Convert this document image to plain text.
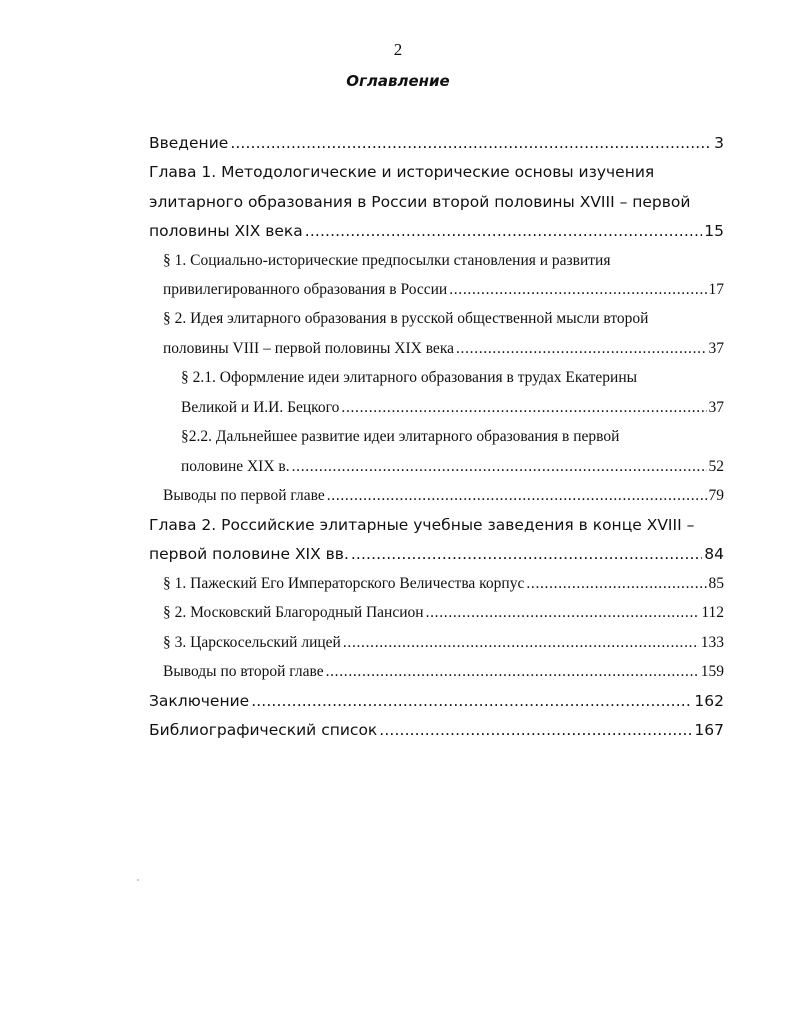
2
Оглавление
Введение . . .	3
Глава 1. Методологические и исторические основы изучения
элитарного образования в России второй половины XVIII – первой
половины XIX века . . .	15
§ 1. Социально-исторические предпосылки становления и развития
привилегированного образования в России . . .	17
§ 2. Идея элитарного образования в русской общественной мысли второй
половины VIII – первой половины XIX века . . .	37
§ 2.1. Оформление идеи элитарного образования в трудах Екатерины
Великой и И.И. Бецкого . . .	37
§2.2. Дальнейшее развитие идеи элитарного образования в первой
половине XIX в. . . .	52
Выводы по первой главе . . .	79
Глава 2. Российские элитарные учебные заведения в конце XVIII –
первой половине XIX вв. . . .	84
§ 1. Пажеский Его Императорского Величества корпус . . .	85
§ 2. Московский Благородный Пансион . . .	112
§ 3. Царскосельский лицей . . .	133
Выводы по второй главе . . .	159
Заключение . . .	162
Библиографический список . . .	167
